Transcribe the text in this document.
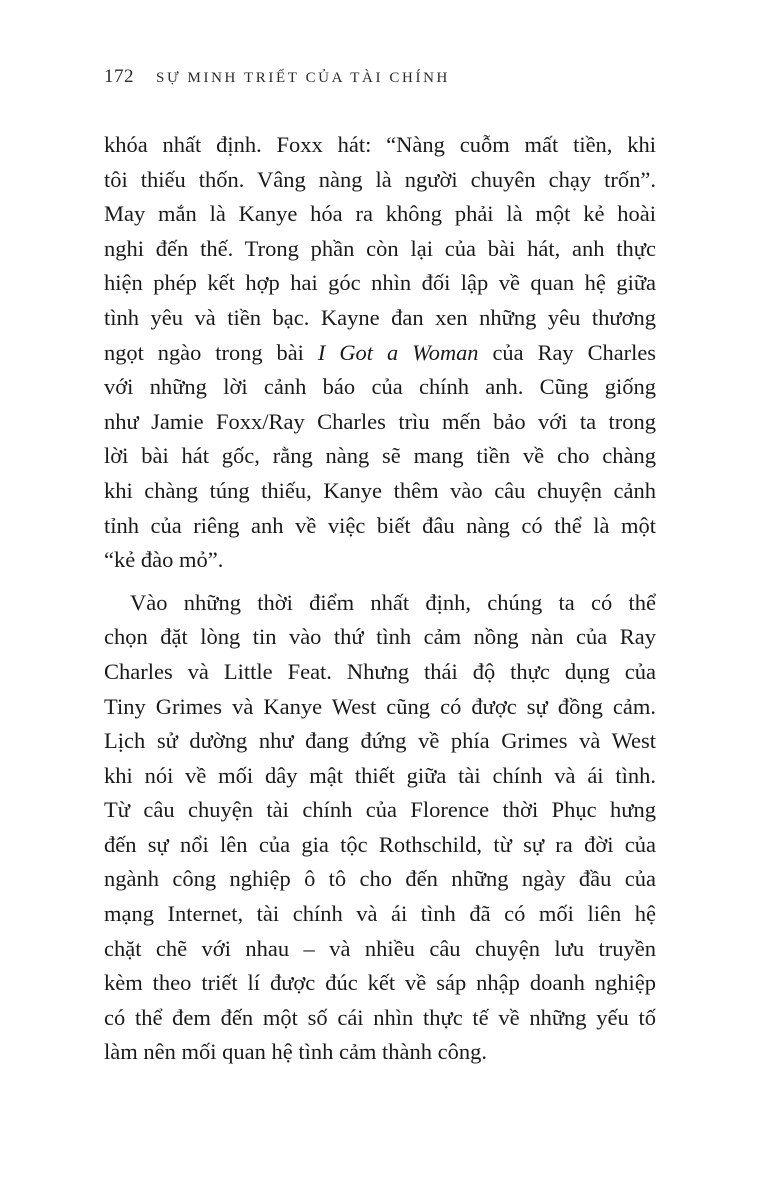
172 SỰ MINH TRIẾT CỦA TÀI CHÍNH
khóa nhất định. Foxx hát: “Nàng cuỗm mất tiền, khi
tôi thiếu thốn. Vâng nàng là người chuyên chạy trốn”.
May mắn là Kanye hóa ra không phải là một kẻ hoài
nghi đến thế. Trong phần còn lại của bài hát, anh thực
hiện phép kết hợp hai góc nhìn đối lập về quan hệ giữa
tình yêu và tiền bạc. Kayne đan xen những yêu thương
ngọt ngào trong bài I Got a Woman của Ray Charles
với những lời cảnh báo của chính anh. Cũng giống
như Jamie Foxx/Ray Charles trìu mến bảo với ta trong
lời bài hát gốc, rằng nàng sẽ mang tiền về cho chàng
khi chàng túng thiếu, Kanye thêm vào câu chuyện cảnh
tỉnh của riêng anh về việc biết đâu nàng có thể là một
“kẻ đào mỏ”.
Vào những thời điểm nhất định, chúng ta có thể
chọn đặt lòng tin vào thứ tình cảm nồng nàn của Ray
Charles và Little Feat. Nhưng thái độ thực dụng của
Tiny Grimes và Kanye West cũng có được sự đồng cảm.
Lịch sử dường như đang đứng về phía Grimes và West
khi nói về mối dây mật thiết giữa tài chính và ái tình.
Từ câu chuyện tài chính của Florence thời Phục hưng
đến sự nổi lên của gia tộc Rothschild, từ sự ra đời của
ngành công nghiệp ô tô cho đến những ngày đầu của
mạng Internet, tài chính và ái tình đã có mối liên hệ
chặt chẽ với nhau – và nhiều câu chuyện lưu truyền
kèm theo triết lí được đúc kết về sáp nhập doanh nghiệp
có thể đem đến một số cái nhìn thực tế về những yếu tố
làm nên mối quan hệ tình cảm thành công.
